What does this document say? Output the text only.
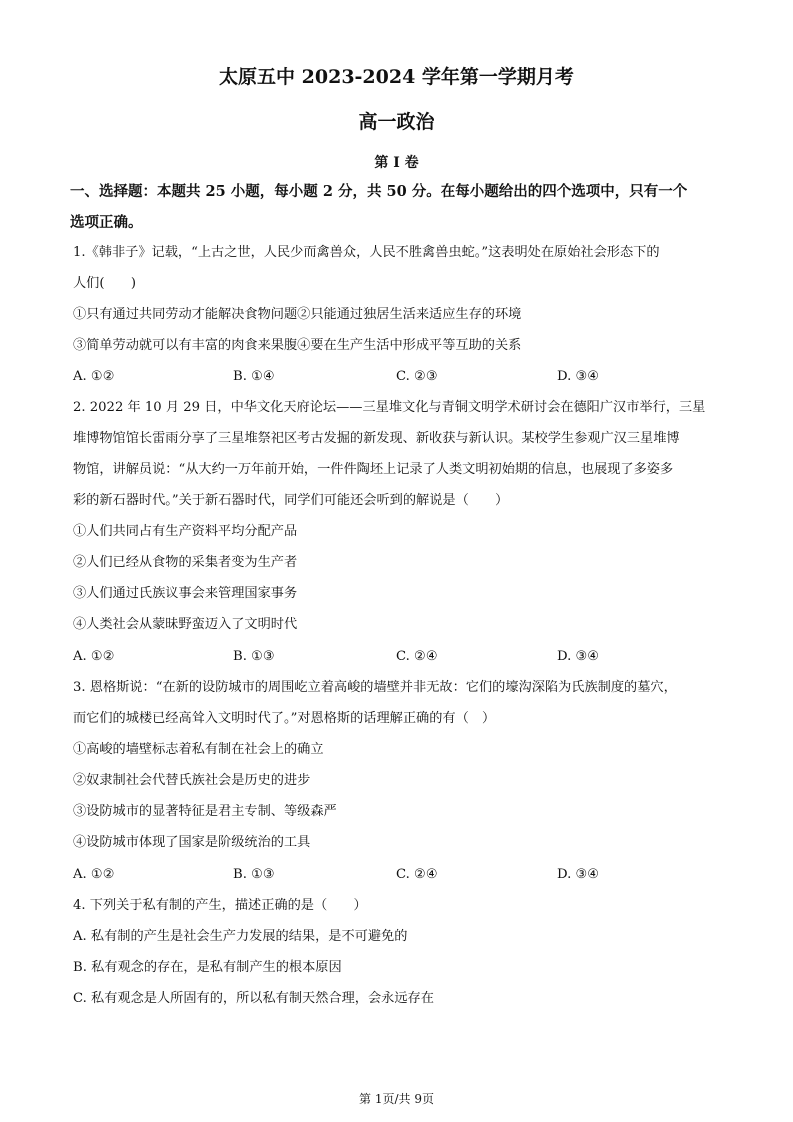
太原五中 2023-2024 学年第一学期月考
高一政治
第 I 卷
一、选择题：本题共 25 小题，每小题 2 分，共 50 分。在每小题给出的四个选项中，只有一个
选项正确。
1.《韩非子》记载，“上古之世，人民少而禽兽众，人民不胜禽兽虫蛇。”这表明处在原始社会形态下的
人们(　　)
①只有通过共同劳动才能解决食物问题②只能通过独居生活来适应生存的环境
③简单劳动就可以有丰富的肉食来果腹④要在生产生活中形成平等互助的关系
A. ①②	B. ①④	C. ②③	D. ③④
2. 2022 年 10 月 29 日，中华文化天府论坛——三星堆文化与青铜文明学术研讨会在德阳广汉市举行，三星
堆博物馆馆长雷雨分享了三星堆祭祀区考古发掘的新发现、新收获与新认识。某校学生参观广汉三星堆博
物馆，讲解员说：“从大约一万年前开始，一件件陶坯上记录了人类文明初始期的信息，也展现了多姿多
彩的新石器时代。”关于新石器时代，同学们可能还会听到的解说是（　　）
①人们共同占有生产资料平均分配产品
②人们已经从食物的采集者变为生产者
③人们通过氏族议事会来管理国家事务
④人类社会从蒙昧野蛮迈入了文明时代
A. ①②	B. ①③	C. ②④	D. ③④
3. 恩格斯说：“在新的设防城市的周围屹立着高峻的墙壁并非无故：它们的壕沟深陷为氏族制度的墓穴，
而它们的城楼已经高耸入文明时代了。”对恩格斯的话理解正确的有（　）
①高峻的墙壁标志着私有制在社会上的确立
②奴隶制社会代替氏族社会是历史的进步
③设防城市的显著特征是君主专制、等级森严
④设防城市体现了国家是阶级统治的工具
A. ①②	B. ①③	C. ②④	D. ③④
4. 下列关于私有制的产生，描述正确的是（　　）
A. 私有制的产生是社会生产力发展的结果，是不可避免的
B. 私有观念的存在，是私有制产生的根本原因
C. 私有观念是人所固有的，所以私有制天然合理，会永远存在
第 1页/共 9页
